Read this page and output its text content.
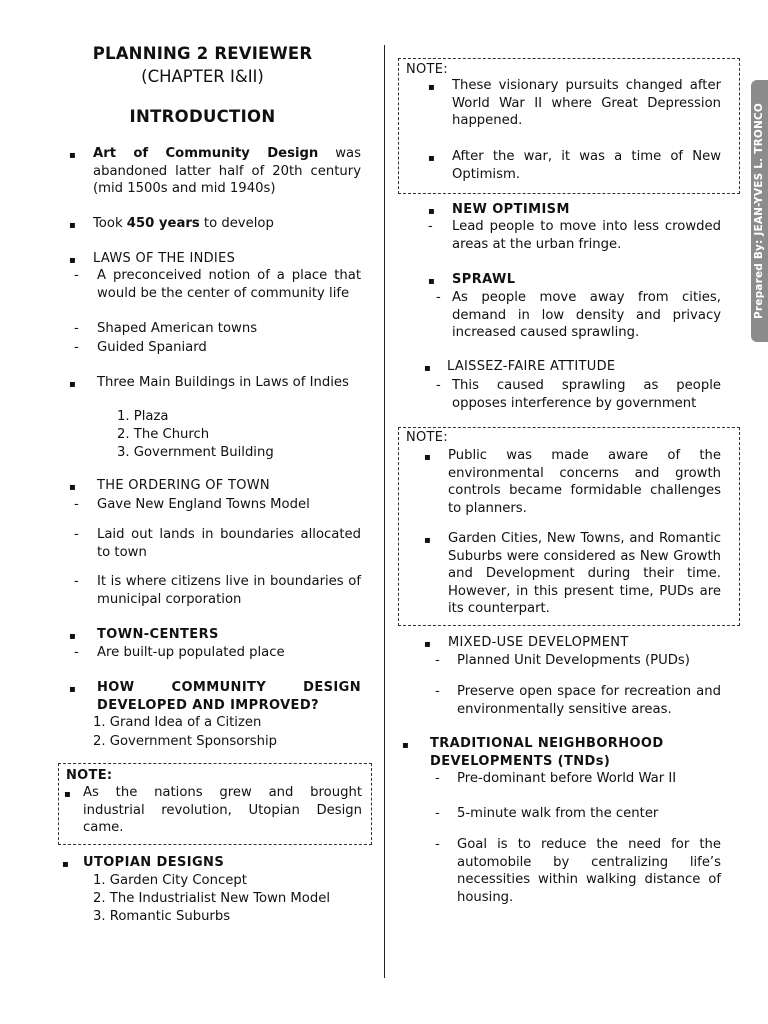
PLANNING 2 REVIEWER
(CHAPTER I&II)
INTRODUCTION
▪ Art of Community Design was abandoned latter half of 20th century (mid 1500s and mid 1940s)
▪ Took 450 years to develop
▪ LAWS OF THE INDIES
- A preconceived notion of a place that would be the center of community life
- Shaped American towns
- Guided Spaniard
▪ Three Main Buildings in Laws of Indies
1. Plaza
2. The Church
3. Government Building
▪ THE ORDERING OF TOWN
- Gave New England Towns Model
- Laid out lands in boundaries allocated to town
- It is where citizens live in boundaries of municipal corporation
▪ TOWN-CENTERS
- Are built-up populated place
▪ HOW COMMUNITY DESIGN DEVELOPED AND IMPROVED?
1. Grand Idea of a Citizen
2. Government Sponsorship
NOTE:
▪ As the nations grew and brought industrial revolution, Utopian Design came.
▪ UTOPIAN DESIGNS
1. Garden City Concept
2. The Industrialist New Town Model
3. Romantic Suburbs
NOTE:
▪ These visionary pursuits changed after World War II where Great Depression happened.
▪ After the war, it was a time of New Optimism.
▪ NEW OPTIMISM
- Lead people to move into less crowded areas at the urban fringe.
▪ SPRAWL
- As people move away from cities, demand in low density and privacy increased caused sprawling.
▪ LAISSEZ-FAIRE ATTITUDE
- This caused sprawling as people opposes interference by government
NOTE:
▪ Public was made aware of the environmental concerns and growth controls became formidable challenges to planners.
▪ Garden Cities, New Towns, and Romantic Suburbs were considered as New Growth and Development during their time. However, in this present time, PUDs are its counterpart.
▪ MIXED-USE DEVELOPMENT
- Planned Unit Developments (PUDs)
- Preserve open space for recreation and environmentally sensitive areas.
▪ TRADITIONAL NEIGHBORHOOD DEVELOPMENTS (TNDs)
- Pre-dominant before World War II
- 5-minute walk from the center
- Goal is to reduce the need for the automobile by centralizing life’s necessities within walking distance of housing.
Prepared By: JEAN-YVES L. TRONCO
